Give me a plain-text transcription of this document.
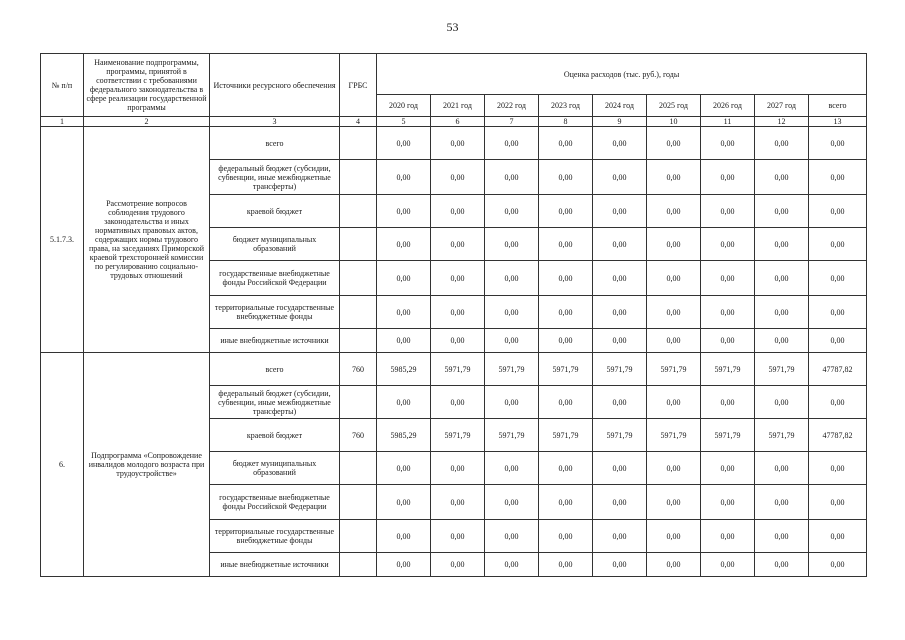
53
№ п/п	Наименование подпрограммы, программы, принятой в соответствии с требованиями федерального законодательства в сфере реализации государственной программы	Источники ресурсного обеспечения	ГРБС	Оценка расходов (тыс. руб.), годы								
				2020 год	2021 год	2022 год	2023 год	2024 год	2025 год	2026 год	2027 год	всего
1	2	3	4	5	6	7	8	9	10	11	12	13
5.1.7.3.	Рассмотрение вопросов соблюдения трудового законодательства и иных нормативных правовых актов, содержащих нормы трудового права, на заседаниях Приморской краевой трехсторонней комиссии по регулированию социально-трудовых отношений	всего		0,00	0,00	0,00	0,00	0,00	0,00	0,00	0,00	0,00
		федеральный бюджет (субсидии, субвенции, иные межбюджетные трансферты)		0,00	0,00	0,00	0,00	0,00	0,00	0,00	0,00	0,00
		краевой бюджет		0,00	0,00	0,00	0,00	0,00	0,00	0,00	0,00	0,00
		бюджет муниципальных образований		0,00	0,00	0,00	0,00	0,00	0,00	0,00	0,00	0,00
		государственные внебюджетные фонды Российской Федерации		0,00	0,00	0,00	0,00	0,00	0,00	0,00	0,00	0,00
		территориальные государственные внебюджетные фонды		0,00	0,00	0,00	0,00	0,00	0,00	0,00	0,00	0,00
		иные внебюджетные источники		0,00	0,00	0,00	0,00	0,00	0,00	0,00	0,00	0,00
6.	Подпрограмма «Сопровождение инвалидов молодого возраста при трудоустройстве»	всего	760	5985,29	5971,79	5971,79	5971,79	5971,79	5971,79	5971,79	5971,79	47787,82
		федеральный бюджет (субсидии, субвенции, иные межбюджетные трансферты)		0,00	0,00	0,00	0,00	0,00	0,00	0,00	0,00	0,00
		краевой бюджет	760	5985,29	5971,79	5971,79	5971,79	5971,79	5971,79	5971,79	5971,79	47787,82
		бюджет муниципальных образований		0,00	0,00	0,00	0,00	0,00	0,00	0,00	0,00	0,00
		государственные внебюджетные фонды Российской Федерации		0,00	0,00	0,00	0,00	0,00	0,00	0,00	0,00	0,00
		территориальные государственные внебюджетные фонды		0,00	0,00	0,00	0,00	0,00	0,00	0,00	0,00	0,00
		иные внебюджетные источники		0,00	0,00	0,00	0,00	0,00	0,00	0,00	0,00	0,00
